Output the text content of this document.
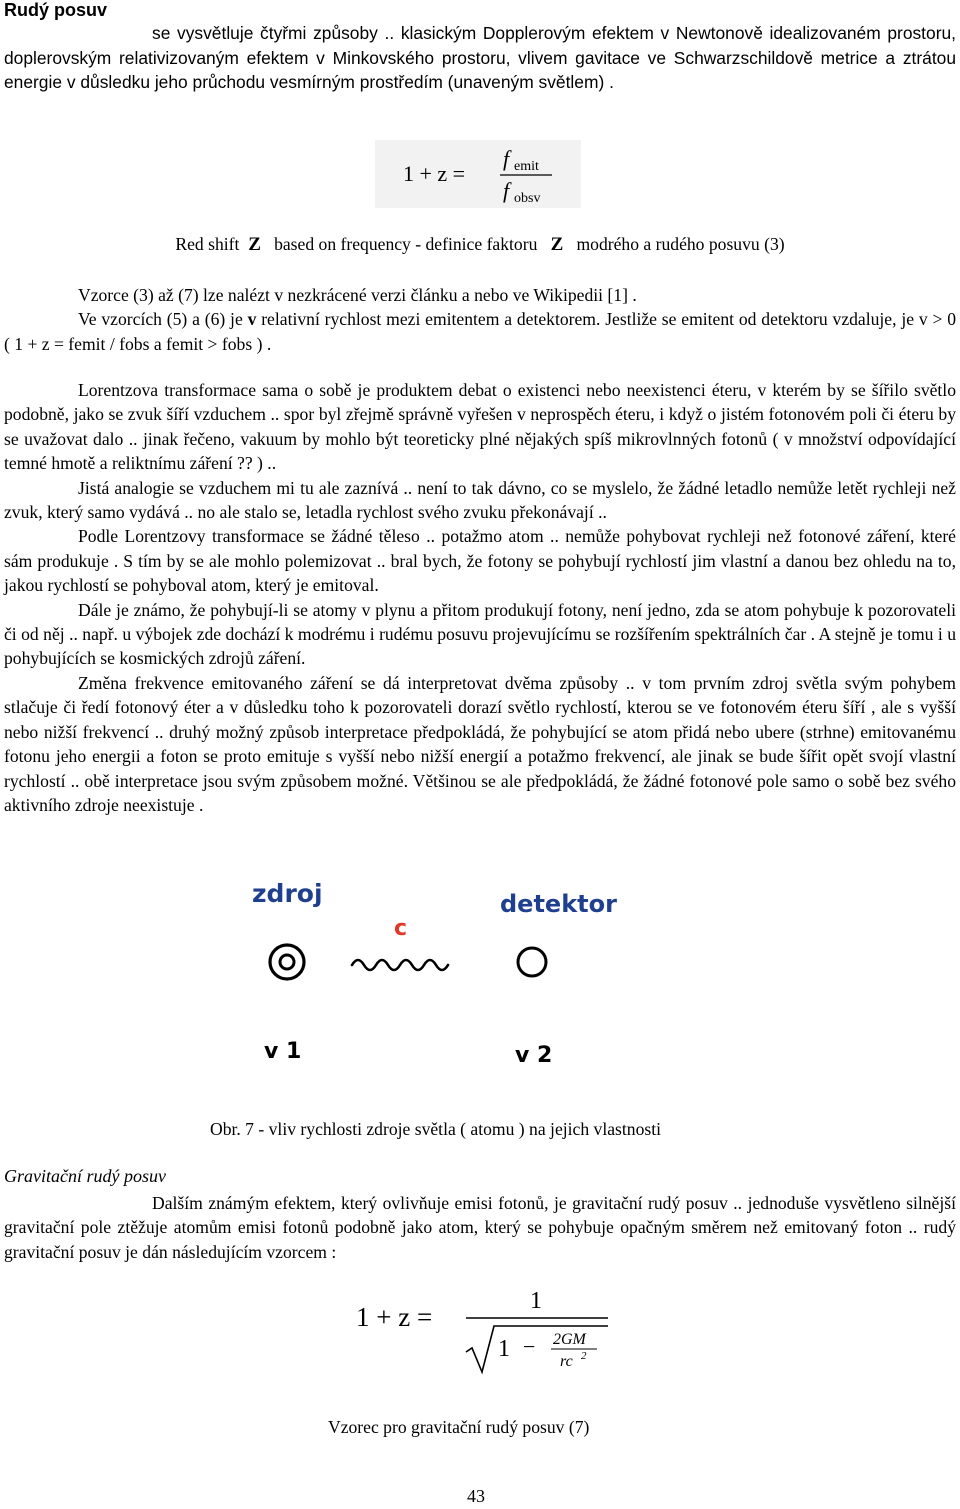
Rudý posuv
se vysvětluje čtyřmi způsoby .. klasickým Dopplerovým efektem v Newtonově idealizovaném prostoru, doplerovským relativizovaným efektem v Minkovského prostoru, vlivem gavitace ve Schwarzschildově metrice a ztrátou energie v důsledku jeho průchodu vesmírným prostředím (unaveným světlem) .
1 + z =
f emit
f obsv
Red shift Z based on frequency - definice faktoru Z modrého a rudého posuvu (3)

Vzorce (3) až (7) lze nalézt v nezkrácené verzi článku a nebo ve Wikipedii [1] .

Ve vzorcích (5) a (6) je v relativní rychlost mezi emitentem a detektorem. Jestliže se emitent od detektoru vzdaluje, je v > 0 ( 1 + z = femit / fobs a femit > fobs ) .

Lorentzova transformace sama o sobě je produktem debat o existenci nebo neexistenci éteru, v kterém by se šířilo světlo podobně, jako se zvuk šíří vzduchem .. spor byl zřejmě správně vyřešen v neprospěch éteru, i když o jistém fotonovém poli či éteru by se uvažovat dalo .. jinak řečeno, vakuum by mohlo být teoreticky plné nějakých spíš mikrovlnných fotonů ( v množství odpovídající temné hmotě a reliktnímu záření ?? ) ..

Jistá analogie se vzduchem mi tu ale zaznívá .. není to tak dávno, co se myslelo, že žádné letadlo nemůže letět rychleji než zvuk, který samo vydává .. no ale stalo se, letadla rychlost svého zvuku překonávají ..

Podle Lorentzovy transformace se žádné těleso .. potažmo atom .. nemůže pohybovat rychleji než fotonové záření, které sám produkuje . S tím by se ale mohlo polemizovat .. bral bych, že fotony se pohybují rychlostí jim vlastní a danou bez ohledu na to, jakou rychlostí se pohyboval atom, který je emitoval.

Dále je známo, že pohybují-li se atomy v plynu a přitom produkují fotony, není jedno, zda se atom pohybuje k pozorovateli či od něj .. např. u výbojek zde dochází k modrému i rudému posuvu projevujícímu se rozšířením spektrálních čar . A stejně je tomu i u pohybujících se kosmických zdrojů záření.

Změna frekvence emitovaného záření se dá interpretovat dvěma způsoby .. v tom prvním zdroj světla svým pohybem stlačuje či ředí fotonový éter a v důsledku toho k pozorovateli dorazí světlo rychlostí, kterou se ve fotonovém éteru šíří , ale s vyšší nebo nižší frekvencí .. druhý možný způsob interpretace předpokládá, že pohybující se atom přidá nebo ubere (strhne) emitovanému fotonu jeho energii a foton se proto emituje s vyšší nebo nižší energií a potažmo frekvencí, ale jinak se bude šířit opět svojí vlastní rychlostí .. obě interpretace jsou svým způsobem možné. Většinou se ale předpokládá, že žádné fotonové pole samo o sobě bez svého aktivního zdroje neexistuje .

zdroj
c
detektor
v 1	v 2
Obr. 7 - vliv rychlosti zdroje světla ( atomu ) na jejich vlastnosti
Gravitační rudý posuv
Dalším známým efektem, který ovlivňuje emisi fotonů, je gravitační rudý posuv .. jednoduše vysvětleno silnější gravitační pole ztěžuje atomům emisi fotonů podobně jako atom, který se pohybuje opačným směrem než emitovaný foton .. rudý gravitační posuv je dán následujícím vzorcem :
1 + z =
1
1 − 2GM
rc 2
Vzorec pro gravitační rudý posuv (7)
43
